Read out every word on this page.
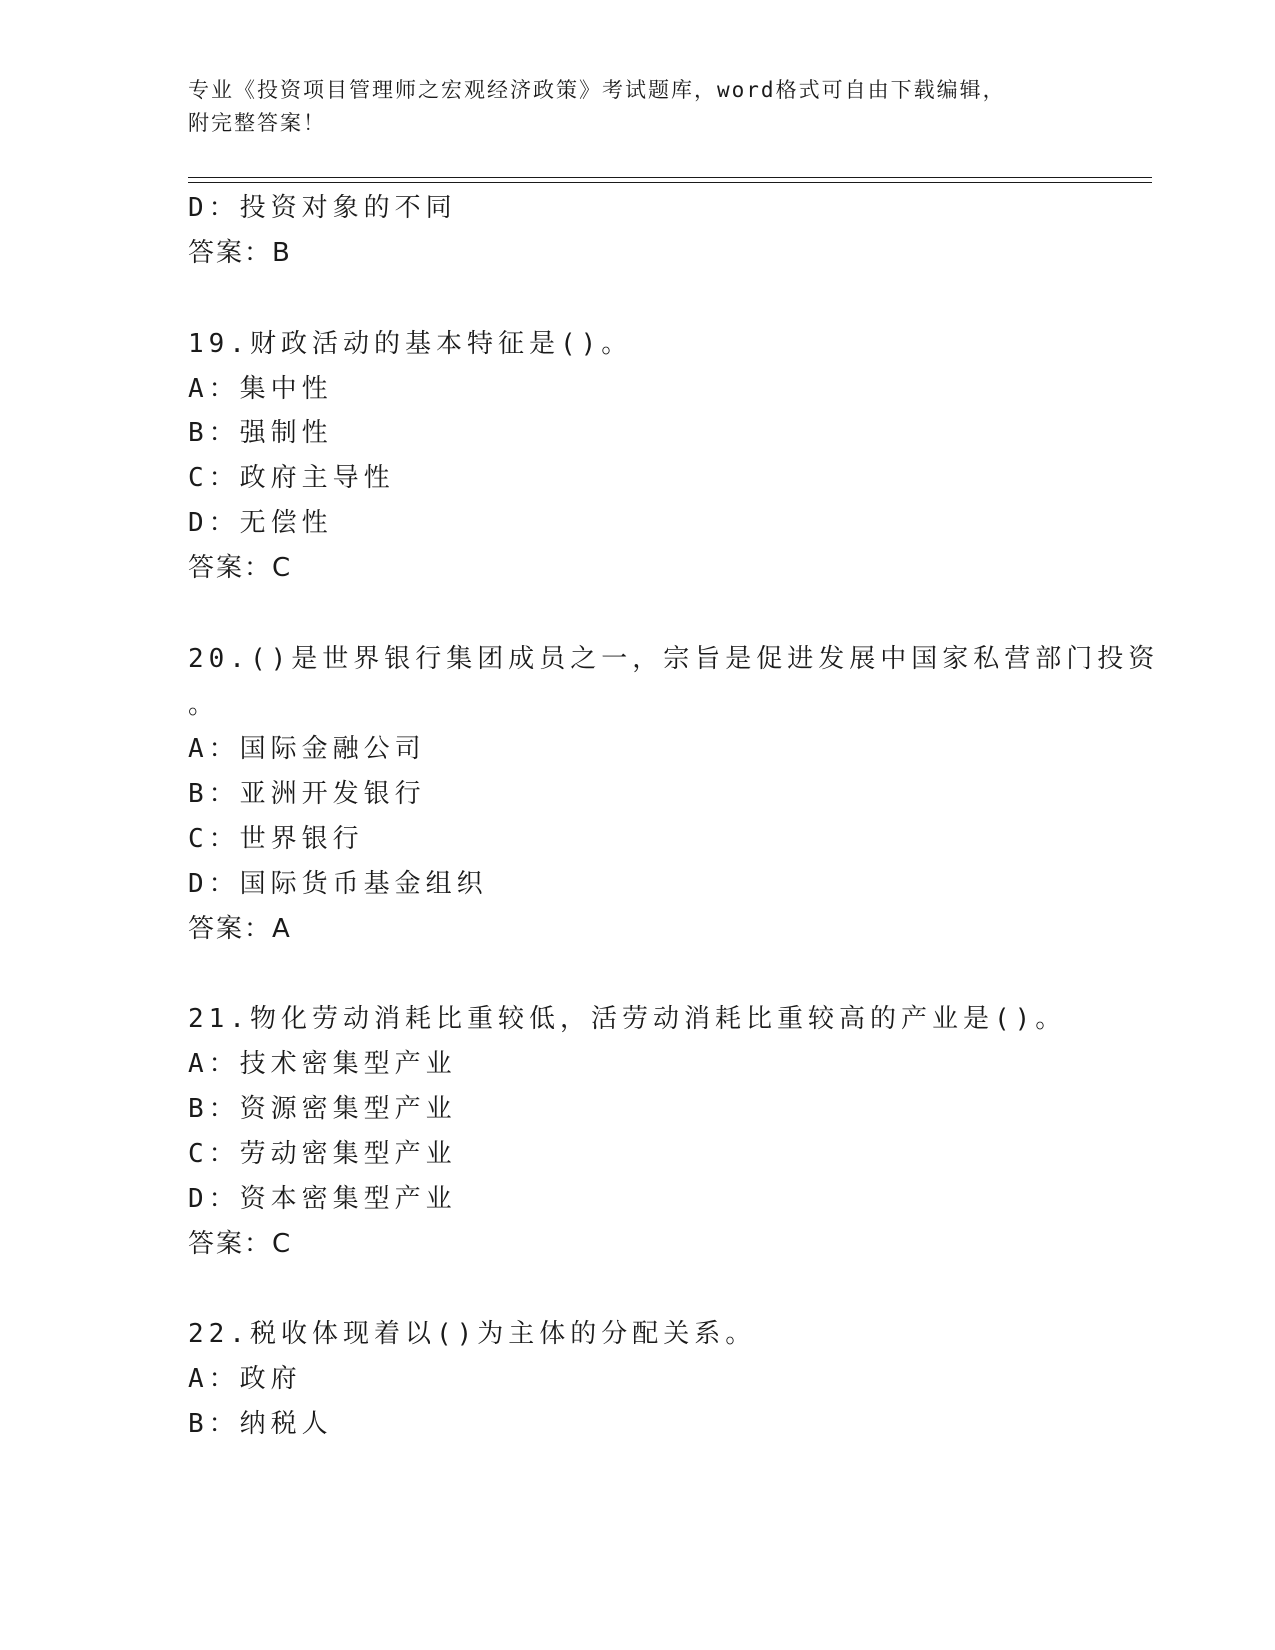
专业《投资项目管理师之宏观经济政策》考试题库，word格式可自由下载编辑，
附完整答案！
D：投资对象的不同
答案：B
19.财政活动的基本特征是()。
A：集中性
B：强制性
C：政府主导性
D：无偿性
答案：C
20.()是世界银行集团成员之一，宗旨是促进发展中国家私营部门投资
。
A：国际金融公司
B：亚洲开发银行
C：世界银行
D：国际货币基金组织
答案：A
21.物化劳动消耗比重较低，活劳动消耗比重较高的产业是()。
A：技术密集型产业
B：资源密集型产业
C：劳动密集型产业
D：资本密集型产业
答案：C
22.税收体现着以()为主体的分配关系。
A：政府
B：纳税人
